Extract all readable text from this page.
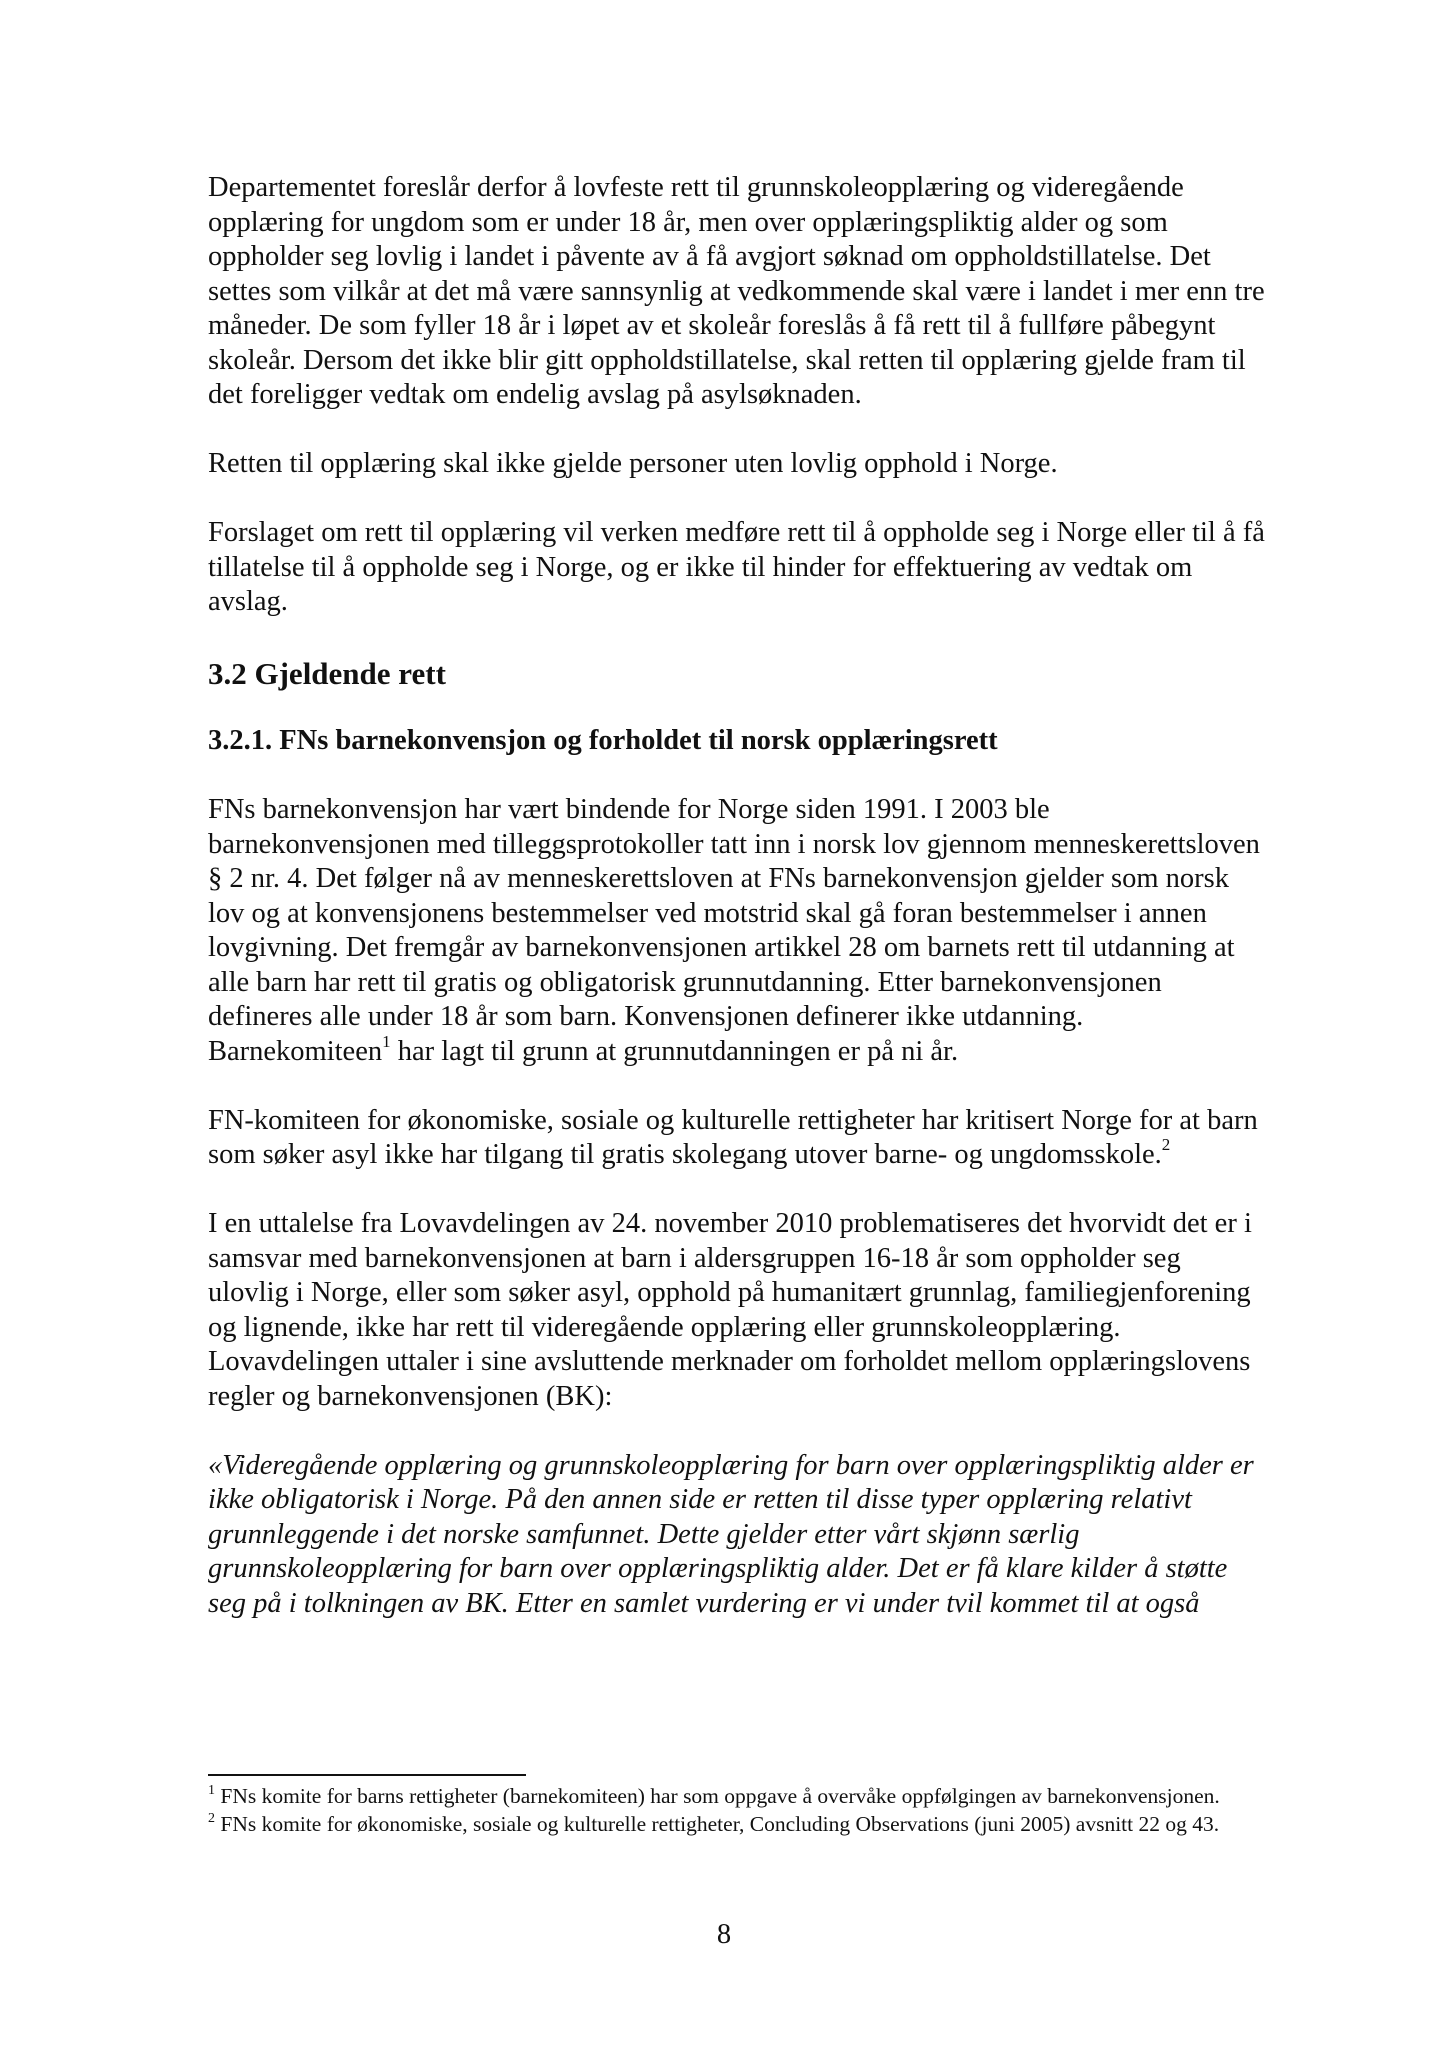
Departementet foreslår derfor å lovfeste rett til grunnskoleopplæring og videregående opplæring for ungdom som er under 18 år, men over opplæringspliktig alder og som oppholder seg lovlig i landet i påvente av å få avgjort søknad om oppholdstillatelse. Det settes som vilkår at det må være sannsynlig at vedkommende skal være i landet i mer enn tre måneder. De som fyller 18 år i løpet av et skoleår foreslås å få rett til å fullføre påbegynt skoleår. Dersom det ikke blir gitt oppholdstillatelse, skal retten til opplæring gjelde fram til det foreligger vedtak om endelig avslag på asylsøknaden.

Retten til opplæring skal ikke gjelde personer uten lovlig opphold i Norge.

Forslaget om rett til opplæring vil verken medføre rett til å oppholde seg i Norge eller til å få tillatelse til å oppholde seg i Norge, og er ikke til hinder for effektuering av vedtak om avslag.

3.2 Gjeldende rett
3.2.1. FNs barnekonvensjon og forholdet til norsk opplæringsrett

FNs barnekonvensjon har vært bindende for Norge siden 1991. I 2003 ble barnekonvensjonen med tilleggsprotokoller tatt inn i norsk lov gjennom menneskerettsloven § 2 nr. 4. Det følger nå av menneskerettsloven at FNs barnekonvensjon gjelder som norsk lov og at konvensjonens bestemmelser ved motstrid skal gå foran bestemmelser i annen lovgivning. Det fremgår av barnekonvensjonen artikkel 28 om barnets rett til utdanning at alle barn har rett til gratis og obligatorisk grunnutdanning. Etter barnekonvensjonen defineres alle under 18 år som barn. Konvensjonen definerer ikke utdanning. Barnekomiteen$^1$ har lagt til grunn at grunnutdanningen er på ni år.

FN-komiteen for økonomiske, sosiale og kulturelle rettigheter har kritisert Norge for at barn som søker asyl ikke har tilgang til gratis skolegang utover barne- og ungdomsskole.$^2$

I en uttalelse fra Lovavdelingen av 24. november 2010 problematiseres det hvorvidt det er i samsvar med barnekonvensjonen at barn i aldersgruppen 16-18 år som oppholder seg ulovlig i Norge, eller som søker asyl, opphold på humanitært grunnlag, familiegjenforening og lignende, ikke har rett til videregående opplæring eller grunnskoleopplæring. Lovavdelingen uttaler i sine avsluttende merknader om forholdet mellom opplæringslovens regler og barnekonvensjonen (BK):

«Videregående opplæring og grunnskoleopplæring for barn over opplæringspliktig alder er ikke obligatorisk i Norge. På den annen side er retten til disse typer opplæring relativt grunnleggende i det norske samfunnet. Dette gjelder etter vårt skjønn særlig grunnskoleopplæring for barn over opplæringspliktig alder. Det er få klare kilder å støtte seg på i tolkningen av BK. Etter en samlet vurdering er vi under tvil kommet til at også

$^1$ FNs komite for barns rettigheter (barnekomiteen) har som oppgave å overvåke oppfølgingen av barnekonvensjonen.

$^2$ FNs komite for økonomiske, sosiale og kulturelle rettigheter, Concluding Observations (juni 2005) avsnitt 22 og 43.

8
